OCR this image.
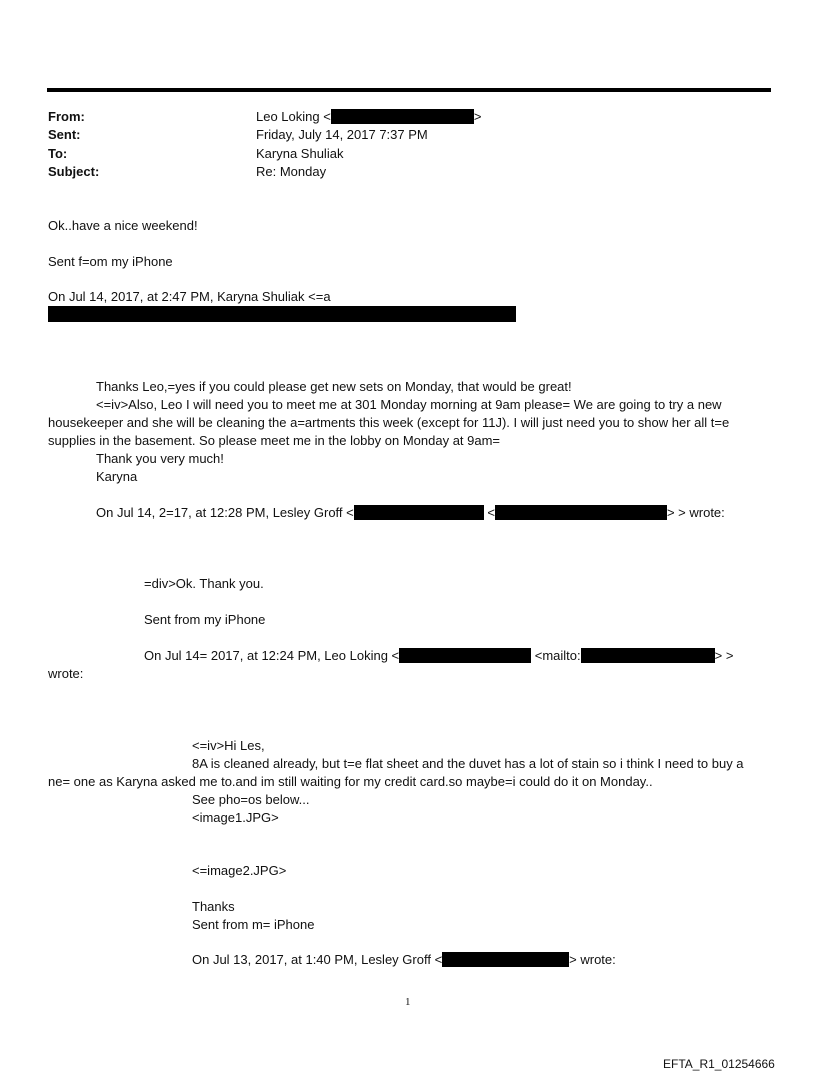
From:	Leo Loking <	>
Sent:	Friday, July 14, 2017 7:37 PM
To:	Karyna Shuliak
Subject:	Re: Monday
Ok..have a nice weekend!
Sent f=om my iPhone
On Jul 14, 2017, at 2:47 PM, Karyna Shuliak <=a
Thanks Leo,=yes if you could please get new sets on Monday, that would be great!
<=iv>Also, Leo I will need you to meet me at 301 Monday morning at 9am please= We are going to try a new
housekeeper and she will be cleaning the a=artments this week (except for 11J). I will just need you to show her all t=e
supplies in the basement. So please meet me in the lobby on Monday at 9am=
Thank you very much!
Karyna
On Jul 14, 2=17, at 12:28 PM, Lesley Groff <	<	> > wrote:
=div>Ok. Thank you.
Sent from my iPhone
On Jul 14= 2017, at 12:24 PM, Leo Loking <	<mailto:	> >
wrote:
<=iv>Hi Les,
8A is cleaned already, but t=e flat sheet and the duvet has a lot of stain so i think I need to buy a
ne= one as Karyna asked me to.and im still waiting for my credit card.so maybe=i could do it on Monday..
See pho=os below...
<image1.JPG>
<=image2.JPG>
Thanks
Sent from m= iPhone
On Jul 13, 2017, at 1:40 PM, Lesley Groff <	> wrote:
1
EFTA_R1_01254666
